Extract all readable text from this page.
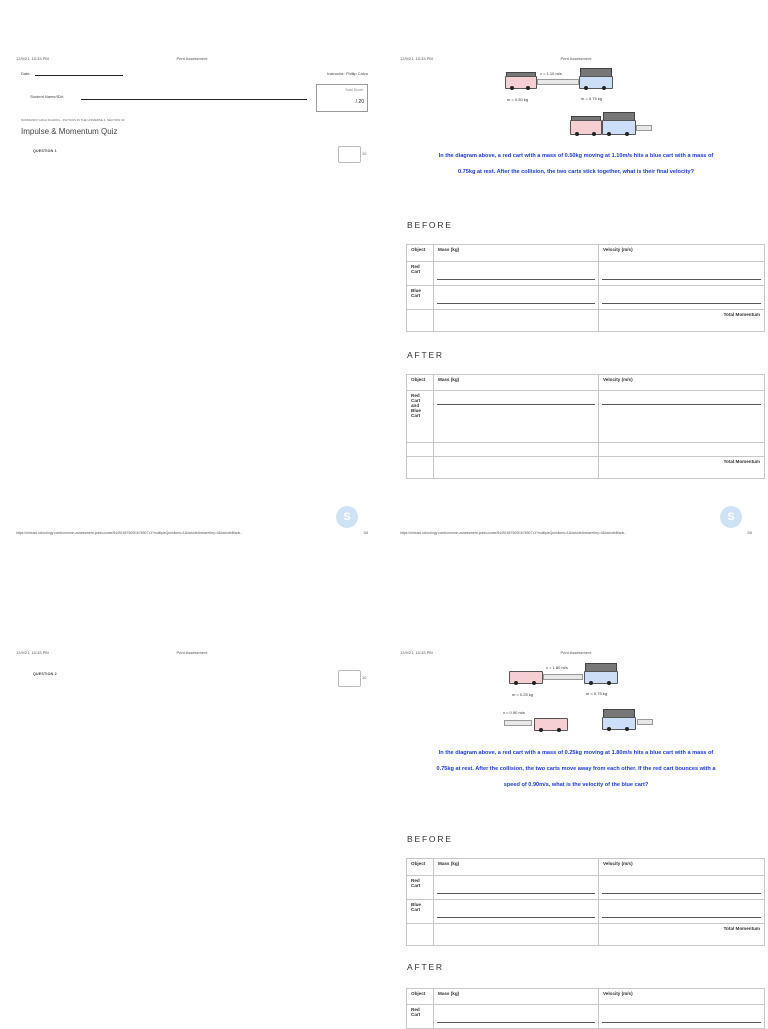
12/9/21, 10:33 PM	Print Assessment
Date:	Instructor: Phillip Calvo
Total Score:
/ 20
Student Name/ID#:
NORMANDY HIGH SCHOOL - PHYSICS IN THE UNIVERSE 4, SECTION 43
Impulse & Momentum Quiz
QUESTION 1	10
S
https://nlmusd.schoology.com/common-assessment-print/course/5449165750/5167690713?multipleQuestions=1&includeAnswerKey=0&includeBlank...	1/8
12/9/21, 10:33 PM	Print Assessment
v = 1.10 m/s
m = 0.50 kg	m = 0.75 kg
In the diagram above, a red cart with a mass of 0.50kg moving at 1.10m/s hits a blue cart with a mass of
0.75kg at rest. After the collision, the two carts stick together, what is their final velocity?
BEFORE
Object	Mass (kg)	Velocity (m/s)
Red Cart	

Blue Cart	

		Total Momentum
AFTER
Object	Mass (kg)	Velocity (m/s)
Red Cart and Blue Cart	

		Total Momentum
S
https://nlmusd.schoology.com/common-assessment-print/course/5449165750/5167690713?multipleQuestions=1&includeAnswerKey=0&includeBlank...	2/8
12/9/21, 10:33 PM	Print Assessment
QUESTION 2
10
12/9/21, 10:33 PM	Print Assessment
v = 1.80 m/s
m = 0.25 kg	m = 0.75 kg
v = 0.90 m/s
In the diagram above, a red cart with a mass of 0.25kg moving at 1.80m/s hits a blue cart with a mass of
0.75kg at rest. After the collision, the two carts move away from each other. If the red cart bounces with a
speed of 0.90m/s, what is the velocity of the blue cart?
BEFORE
Object	Mass (kg)	Velocity (m/s)
Red Cart	

Blue Cart	

		Total Momentum
AFTER
Object	Mass (kg)	Velocity (m/s)
Red Cart	
